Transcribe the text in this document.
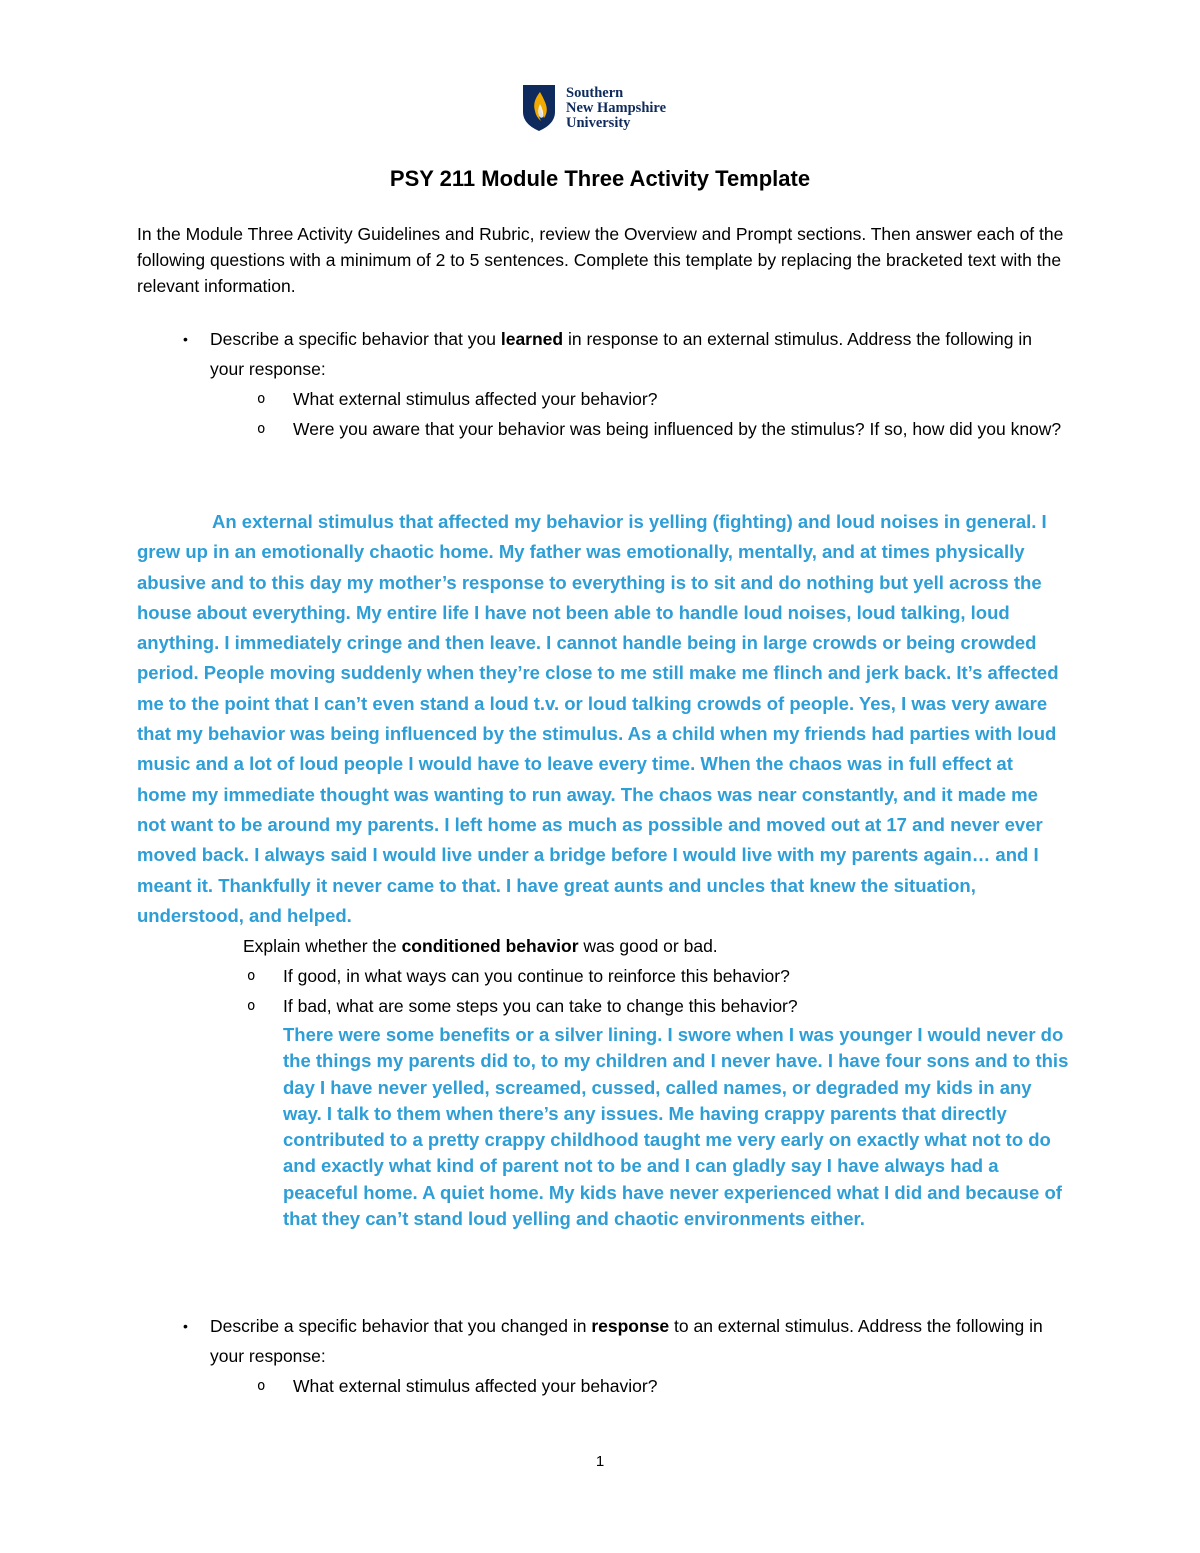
Southern
New Hampshire
University
PSY 211 Module Three Activity Template
In the Module Three Activity Guidelines and Rubric, review the Overview and Prompt sections. Then answer each of the following questions with a minimum of 2 to 5 sentences. Complete this template by replacing the bracketed text with the relevant information.
• Describe a specific behavior that you learned in response to an external stimulus. Address the following in your response:
o What external stimulus affected your behavior?
o Were you aware that your behavior was being influenced by the stimulus? If so, how did you know?
An external stimulus that affected my behavior is yelling (fighting) and loud noises in general. I grew up in an emotionally chaotic home. My father was emotionally, mentally, and at times physically abusive and to this day my mother’s response to everything is to sit and do nothing but yell across the house about everything. My entire life I have not been able to handle loud noises, loud talking, loud anything. I immediately cringe and then leave. I cannot handle being in large crowds or being crowded period. People moving suddenly when they’re close to me still make me flinch and jerk back. It’s affected me to the point that I can’t even stand a loud t.v. or loud talking crowds of people. Yes, I was very aware that my behavior was being influenced by the stimulus. As a child when my friends had parties with loud music and a lot of loud people I would have to leave every time. When the chaos was in full effect at home my immediate thought was wanting to run away. The chaos was near constantly, and it made me not want to be around my parents. I left home as much as possible and moved out at 17 and never ever moved back. I always said I would live under a bridge before I would live with my parents again… and I meant it. Thankfully it never came to that. I have great aunts and uncles that knew the situation, understood, and helped.
Explain whether the conditioned behavior was good or bad.
o If good, in what ways can you continue to reinforce this behavior?
o If bad, what are some steps you can take to change this behavior?
There were some benefits or a silver lining. I swore when I was younger I would never do the things my parents did to, to my children and I never have. I have four sons and to this day I have never yelled, screamed, cussed, called names, or degraded my kids in any way. I talk to them when there’s any issues. Me having crappy parents that directly contributed to a pretty crappy childhood taught me very early on exactly what not to do and exactly what kind of parent not to be and I can gladly say I have always had a peaceful home. A quiet home. My kids have never experienced what I did and because of that they can’t stand loud yelling and chaotic environments either.
• Describe a specific behavior that you changed in response to an external stimulus. Address the following in your response:
o What external stimulus affected your behavior?
1
